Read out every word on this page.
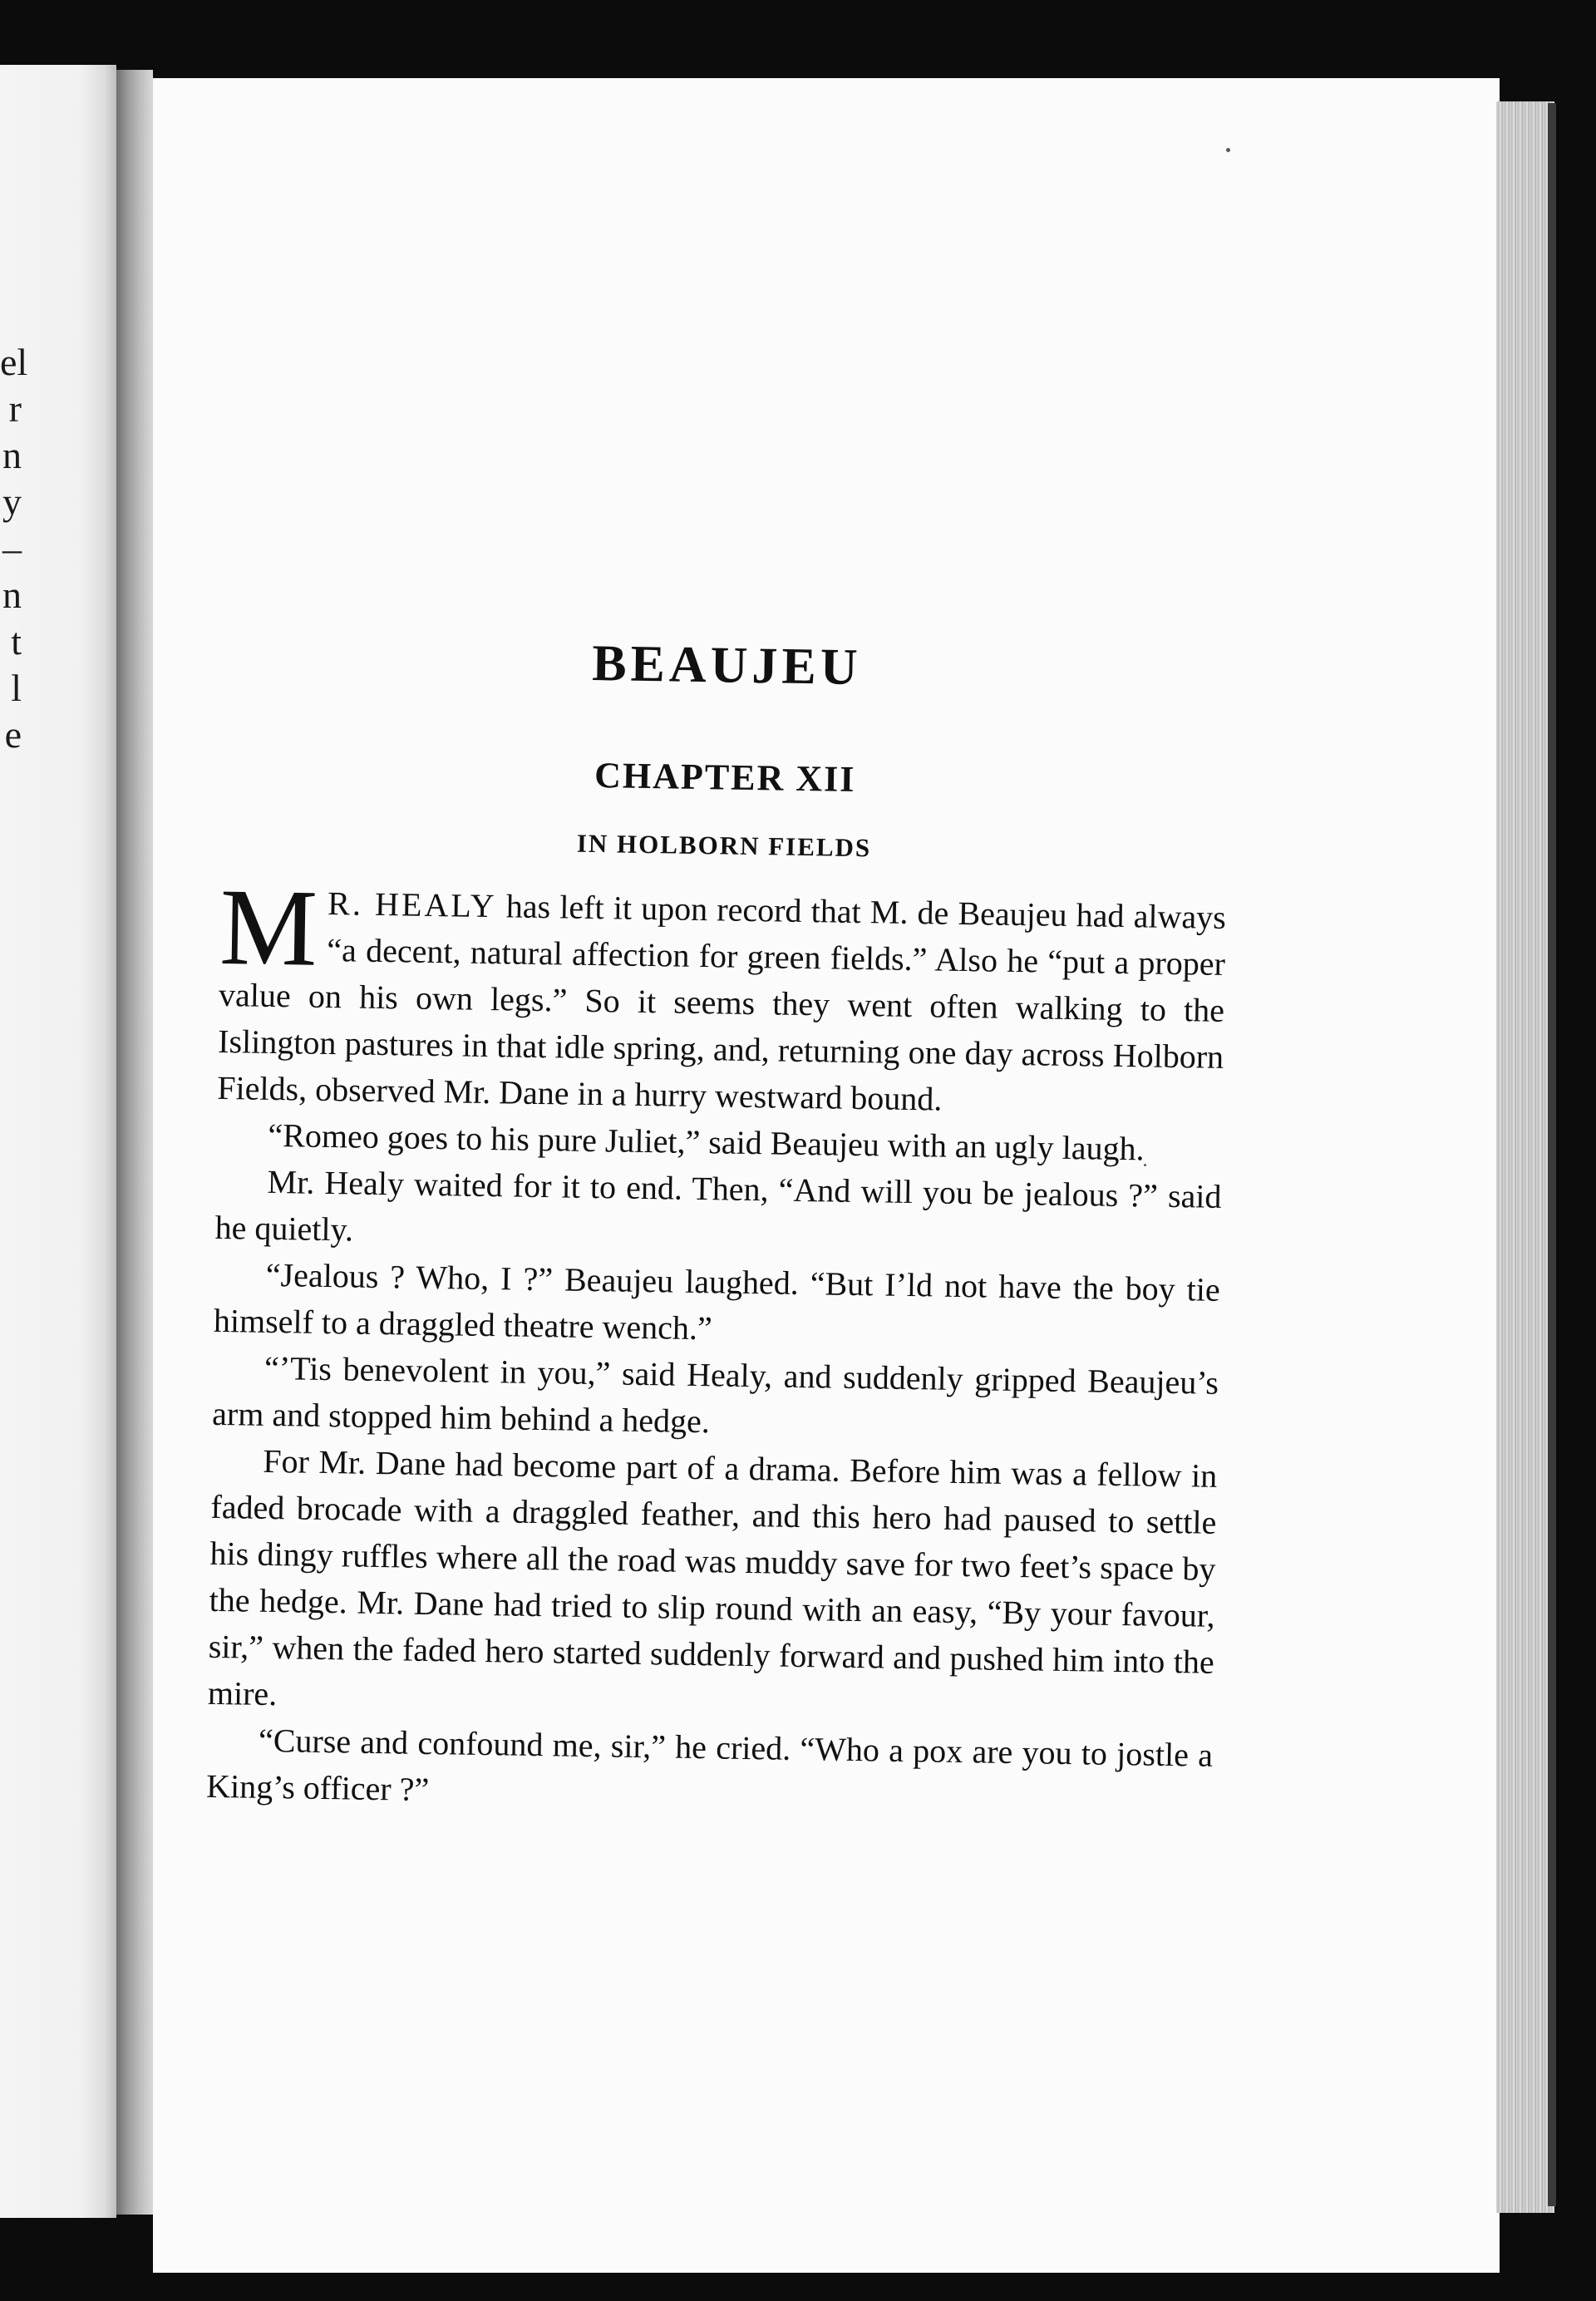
el
r
n
y
–
n
t
l
e
BEAUJEU
CHAPTER XII
IN HOLBORN FIELDS

M R. HEALY has left it upon record that M. de Beaujeu had always “a decent, natural affection for green fields.” Also he “put a proper value on his own legs.” So it seems they went often walking to the Islington pastures in that idle spring, and, returning one day across Holborn Fields, observed Mr. Dane in a hurry westward bound.

“Romeo goes to his pure Juliet,” said Beaujeu with an ugly laugh.

Mr. Healy waited for it to end. Then, “And will you be jealous ?” said he quietly.

“Jealous ? Who, I ?” Beaujeu laughed. “But I’ld not have the boy tie himself to a draggled theatre wench.”

“’Tis benevolent in you,” said Healy, and suddenly gripped Beaujeu’s arm and stopped him behind a hedge.

For Mr. Dane had become part of a drama. Before him was a fellow in faded brocade with a draggled feather, and this hero had paused to settle his dingy ruffles where all the road was muddy save for two feet’s space by the hedge. Mr. Dane had tried to slip round with an easy, “By your favour, sir,” when the faded hero started suddenly forward and pushed him into the mire.

“Curse and confound me, sir,” he cried. “Who a pox are you to jostle a King’s officer ?”
